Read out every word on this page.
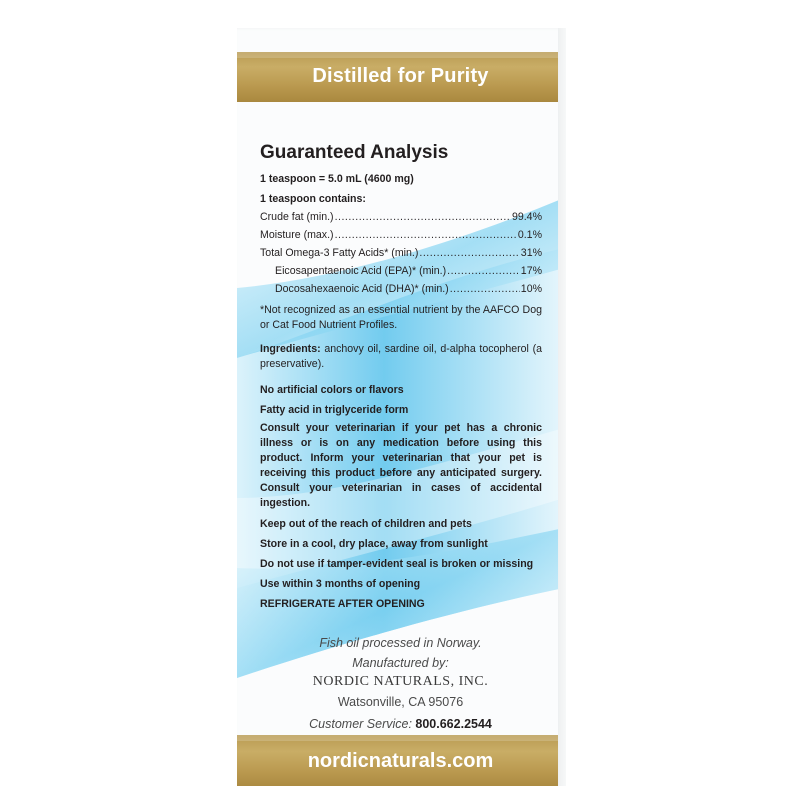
Distilled for Purity
Guaranteed Analysis
1 teaspoon = 5.0 mL (4600 mg)
1 teaspoon contains:
Crude fat (min.) .....	99.4%
Moisture (max.) .....	0.1%
Total Omega-3 Fatty Acids* (min.) .....	31%
Eicosapentaenoic Acid (EPA)* (min.) .....	17%
Docosahexaenoic Acid (DHA)* (min.) .....	10%
*Not recognized as an essential nutrient by the AAFCO Dog or Cat Food Nutrient Profiles.
Ingredients: anchovy oil, sardine oil, d-alpha tocopherol (a preservative).
No artificial colors or flavors
Fatty acid in triglyceride form
Consult your veterinarian if your pet has a chronic illness or is on any medication before using this product. Inform your veterinarian that your pet is receiving this product before any anticipated surgery. Consult your veterinarian in cases of accidental ingestion.
Keep out of the reach of children and pets
Store in a cool, dry place, away from sunlight
Do not use if tamper-evident seal is broken or missing
Use within 3 months of opening
REFRIGERATE AFTER OPENING
Fish oil processed in Norway.
Manufactured by:
NORDIC NATURALS, INC.
Watsonville, CA 95076
Customer Service: 800.662.2544
nordicnaturals.com
